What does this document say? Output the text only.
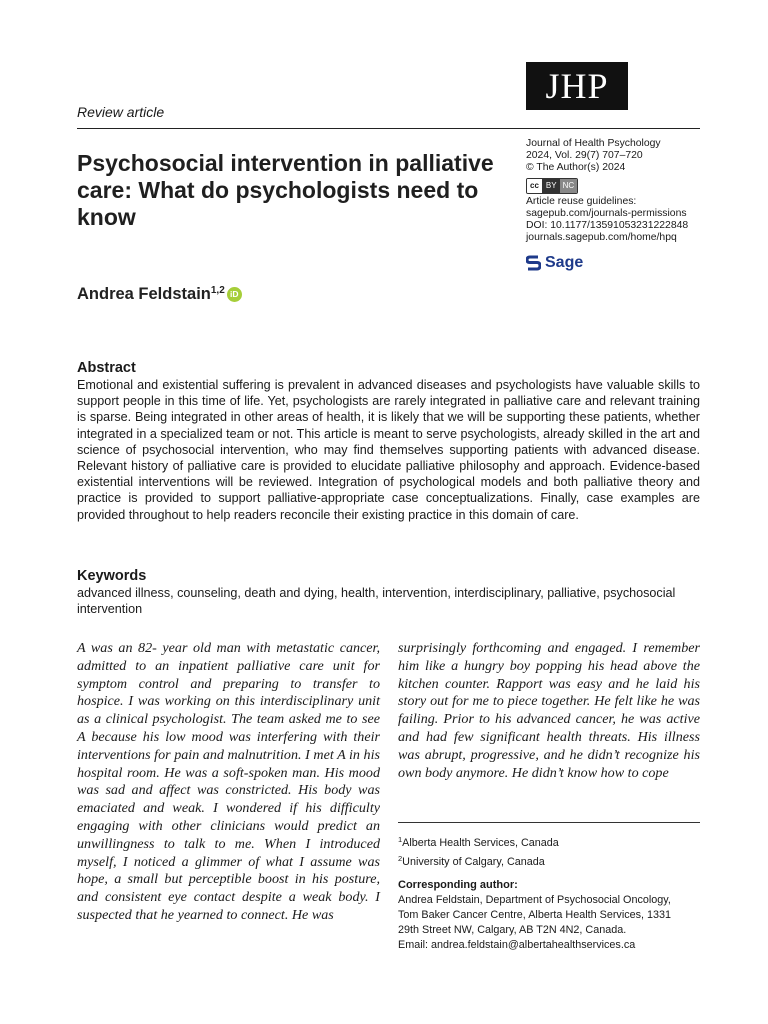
JHP
Review article
Psychosocial intervention in palliative care: What do psychologists need to know
Journal of Health Psychology
2024, Vol. 29(7) 707–720
© The Author(s) 2024
cc BY NC
Article reuse guidelines:
sagepub.com/journals-permissions
DOI: 10.1177/13591053231222848
journals.sagepub.com/home/hpq
Sage
Andrea Feldstain$^{1,2}$ iD
Abstract
Emotional and existential suffering is prevalent in advanced diseases and psychologists have valuable skills to support people in this time of life. Yet, psychologists are rarely integrated in palliative care and relevant training is sparse. Being integrated in other areas of health, it is likely that we will be supporting these patients, whether integrated in a specialized team or not. This article is meant to serve psychologists, already skilled in the art and science of psychosocial intervention, who may find themselves supporting patients with advanced disease. Relevant history of palliative care is provided to elucidate palliative philosophy and approach. Evidence-based existential interventions will be reviewed. Integration of psychological models and both palliative theory and practice is provided to support palliative-appropriate case conceptualizations. Finally, case examples are provided throughout to help readers reconcile their existing practice in this domain of care.
Keywords
advanced illness, counseling, death and dying, health, intervention, interdisciplinary, palliative, psychosocial intervention
A was an 82- year old man with metastatic cancer, admitted to an inpatient palliative care unit for symptom control and preparing to transfer to hospice. I was working on this interdisciplinary unit as a clinical psychologist. The team asked me to see A because his low mood was interfering with their interventions for pain and malnutrition. I met A in his hospital room. He was a soft-spoken man. His mood was sad and affect was constricted. His body was emaciated and weak. I wondered if his difficulty engaging with other clinicians would predict an unwillingness to talk to me. When I introduced myself, I noticed a glimmer of what I assume was hope, a small but perceptible boost in his posture, and consistent eye contact despite a weak body. I suspected that he yearned to connect. He was
surprisingly forthcoming and engaged. I remember him like a hungry boy popping his head above the kitchen counter. Rapport was easy and he laid his story out for me to piece together. He felt like he was failing. Prior to his advanced cancer, he was active and had few significant health threats. His illness was abrupt, progressive, and he didn’t recognize his own body anymore. He didn’t know how to cope
$^1$Alberta Health Services, Canada
$^2$University of Calgary, Canada
Corresponding author:
Andrea Feldstain, Department of Psychosocial Oncology,
Tom Baker Cancer Centre, Alberta Health Services, 1331
29th Street NW, Calgary, AB T2N 4N2, Canada.
Email: andrea.feldstain@albertahealthservices.ca
